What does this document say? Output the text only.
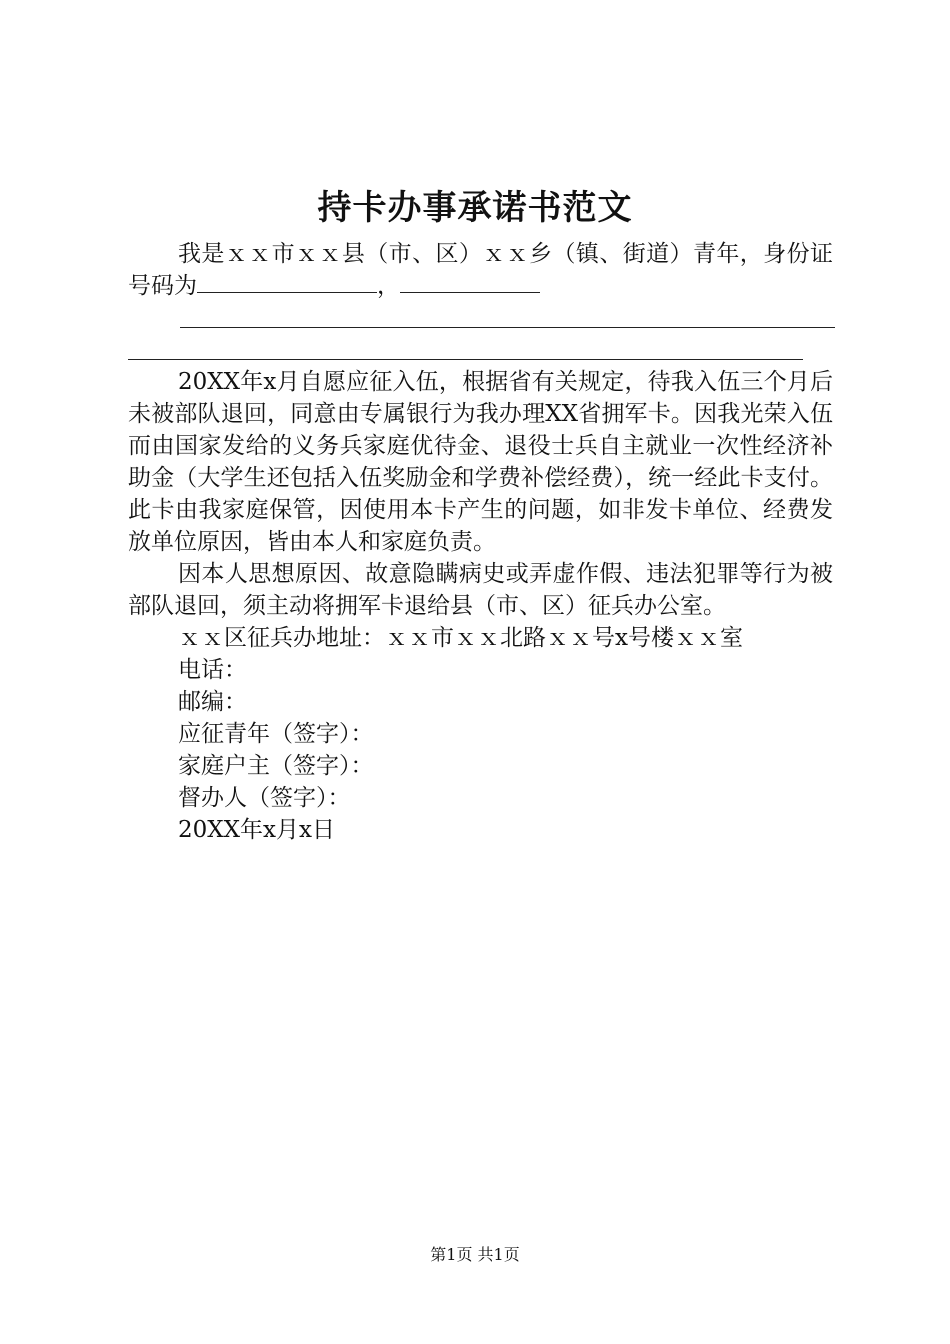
持卡办事承诺书范文

我是ｘｘ市ｘｘ县（市、区）ｘｘ乡（镇、街道）青年，身份证号码为	，

20XX年x月自愿应征入伍，根据省有关规定，待我入伍三个月后未被部队退回，同意由专属银行为我办理XX省拥军卡。因我光荣入伍而由国家发给的义务兵家庭优待金、退役士兵自主就业一次性经济补助金（大学生还包括入伍奖励金和学费补偿经费），统一经此卡支付。此卡由我家庭保管，因使用本卡产生的问题，如非发卡单位、经费发放单位原因，皆由本人和家庭负责。

因本人思想原因、故意隐瞒病史或弄虚作假、违法犯罪等行为被部队退回，须主动将拥军卡退给县（市、区）征兵办公室。

ｘｘ区征兵办地址：ｘｘ市ｘｘ北路ｘｘ号x号楼ｘｘ室

电话：

邮编：

应征青年（签字）：

家庭户主（签字）：

督办人（签字）：

20XX年x月x日

第1页 共1页
